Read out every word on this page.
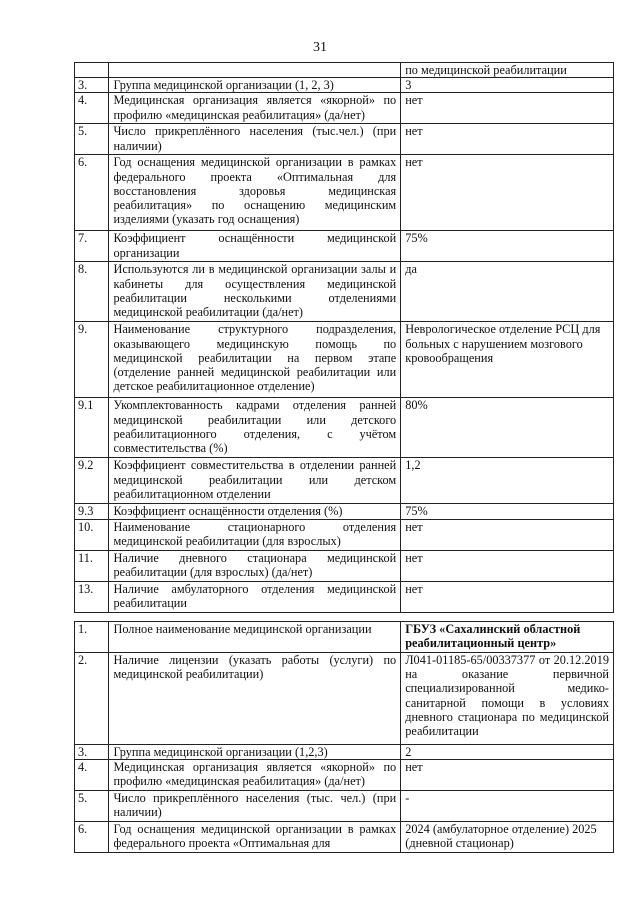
31
		по медицинской реабилитации
3.	Группа медицинской организации (1, 2, 3)	3
4.	Медицинская организация является «якорной» по профилю «медицинская реабилитация» (да/нет)	нет
5.	Число прикреплённого населения (тыс.чел.) (при наличии)	нет
6.	Год оснащения медицинской организации в рамках федерального проекта «Оптимальная для восстановления здоровья медицинская реабилитация» по оснащению медицинским изделиями (указать год оснащения)	нет
7.	Коэффициент оснащённости медицинской организации	75%
8.	Используются ли в медицинской организации залы и кабинеты для осуществления медицинской реабилитации несколькими отделениями медицинской реабилитации (да/нет)	да
9.	Наименование структурного подразделения, оказывающего медицинскую помощь по медицинской реабилитации на первом этапе (отделение ранней медицинской реабилитации или детское реабилитационное отделение)	Неврологическое отделение РСЦ для больных с нарушением мозгового кровообращения
9.1	Укомплектованность кадрами отделения ранней медицинской реабилитации или детского реабилитационного отделения, с учётом совместительства (%)	80%
9.2	Коэффициент совместительства в отделении ранней медицинской реабилитации или детском реабилитационном отделении	1,2
9.3	Коэффициент оснащённости отделения (%)	75%
10.	Наименование стационарного отделения медицинской реабилитации (для взрослых)	нет
11.	Наличие дневного стационара медицинской реабилитации (для взрослых) (да/нет)	нет
13.	Наличие амбулаторного отделения медицинской реабилитации	нет
1.	Полное наименование медицинской организации	ГБУЗ «Сахалинский областной реабилитационный центр»
2.	Наличие лицензии (указать работы (услуги) по медицинской реабилитации)	Л041-01185-65/00337377 от 20.12.2019 на оказание первичной специализированной медико-санитарной помощи в условиях дневного стационара по медицинской реабилитации
3.	Группа медицинской организации (1,2,3)	2
4.	Медицинская организация является «якорной» по профилю «медицинская реабилитация» (да/нет)	нет
5.	Число прикреплённого населения (тыс. чел.) (при наличии)	-
6.	Год оснащения медицинской организации в рамках федерального проекта «Оптимальная для	2024 (амбулаторное отделение) 2025 (дневной стационар)
